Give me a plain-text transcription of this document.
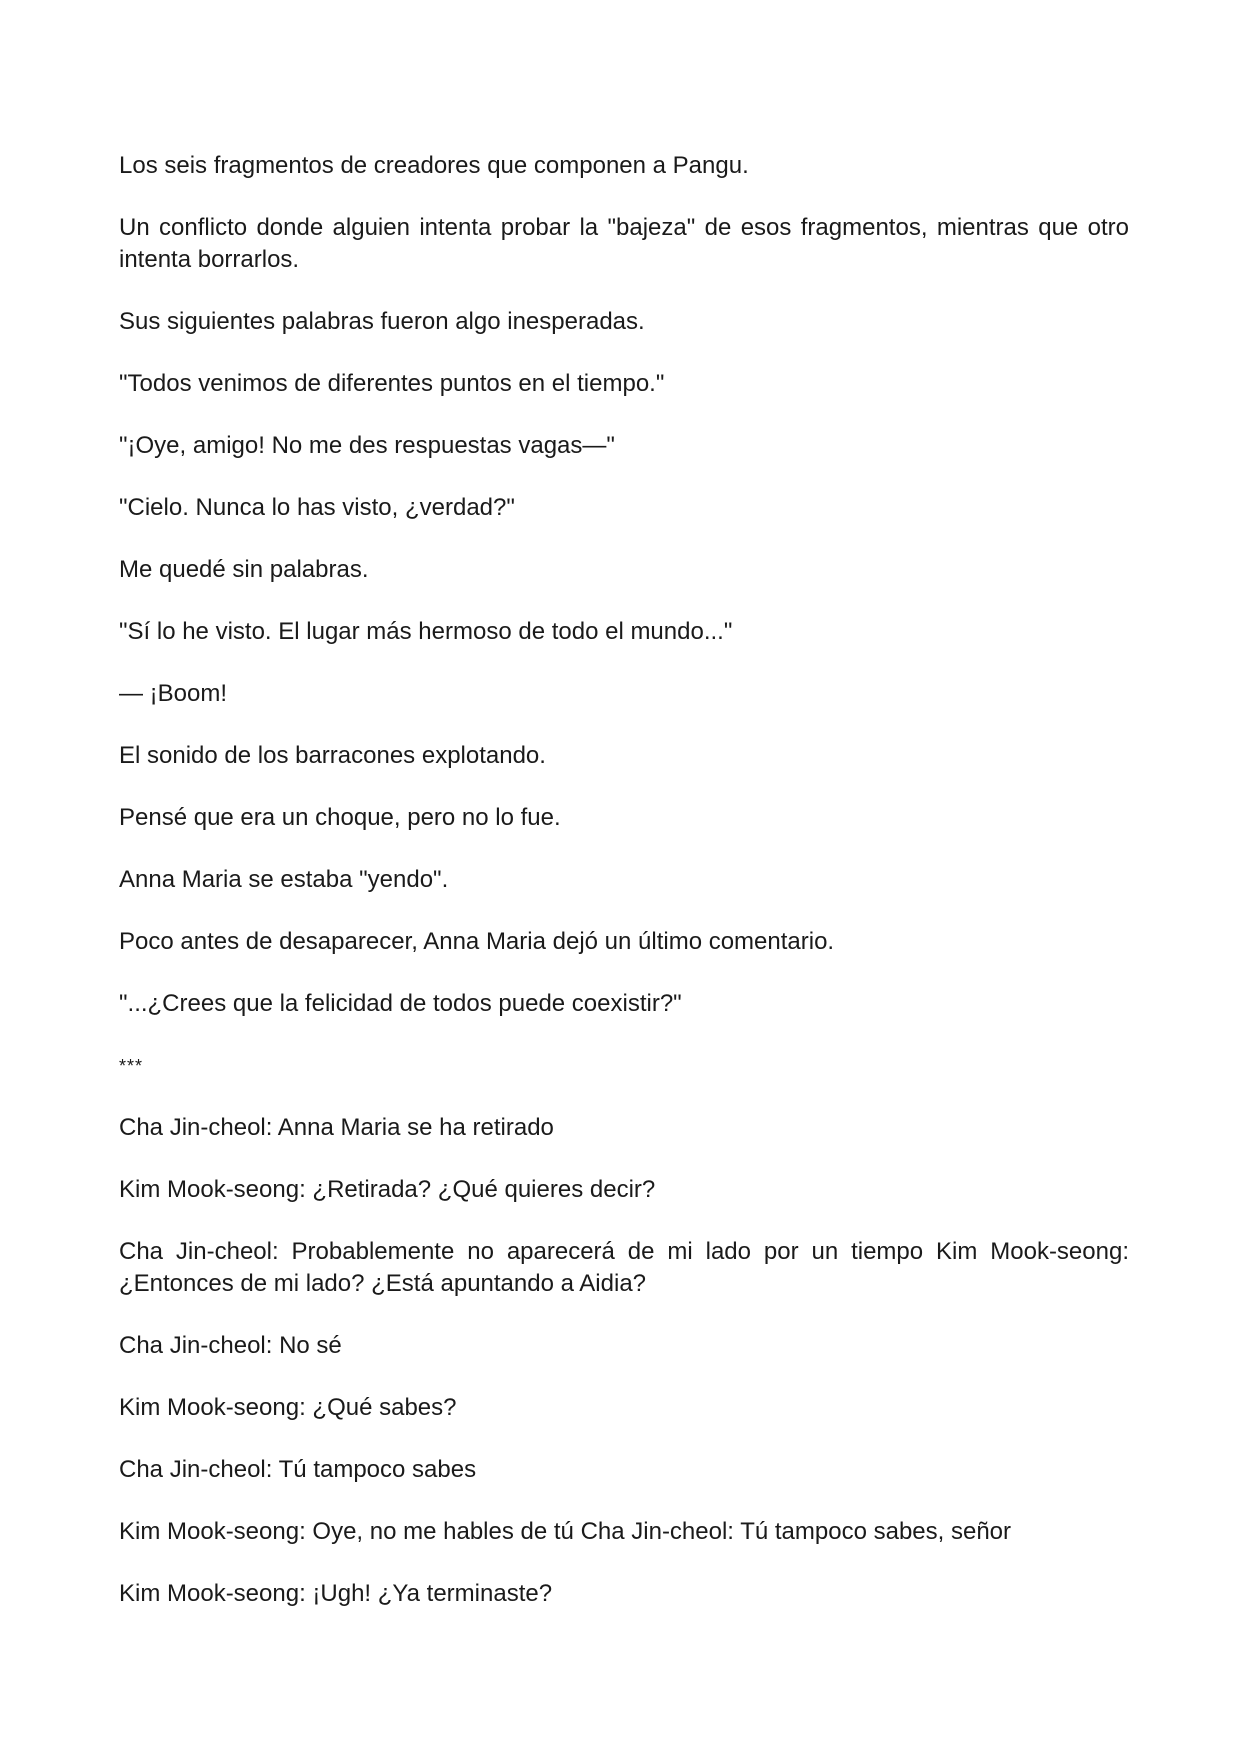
Los seis fragmentos de creadores que componen a Pangu.

Un conflicto donde alguien intenta probar la "bajeza" de esos fragmentos, mientras que otro intenta borrarlos.

Sus siguientes palabras fueron algo inesperadas.

"Todos venimos de diferentes puntos en el tiempo."

"¡Oye, amigo! No me des respuestas vagas—"

"Cielo. Nunca lo has visto, ¿verdad?"

Me quedé sin palabras.

"Sí lo he visto. El lugar más hermoso de todo el mundo..."

— ¡Boom!

El sonido de los barracones explotando.

Pensé que era un choque, pero no lo fue.

Anna Maria se estaba "yendo".

Poco antes de desaparecer, Anna Maria dejó un último comentario.

"...¿Crees que la felicidad de todos puede coexistir?"

***

Cha Jin-cheol: Anna Maria se ha retirado

Kim Mook-seong: ¿Retirada? ¿Qué quieres decir?

Cha Jin-cheol: Probablemente no aparecerá de mi lado por un tiempo Kim Mook-seong: ¿Entonces de mi lado? ¿Está apuntando a Aidia?

Cha Jin-cheol: No sé

Kim Mook-seong: ¿Qué sabes?

Cha Jin-cheol: Tú tampoco sabes

Kim Mook-seong: Oye, no me hables de tú Cha Jin-cheol: Tú tampoco sabes, señor

Kim Mook-seong: ¡Ugh! ¿Ya terminaste?
